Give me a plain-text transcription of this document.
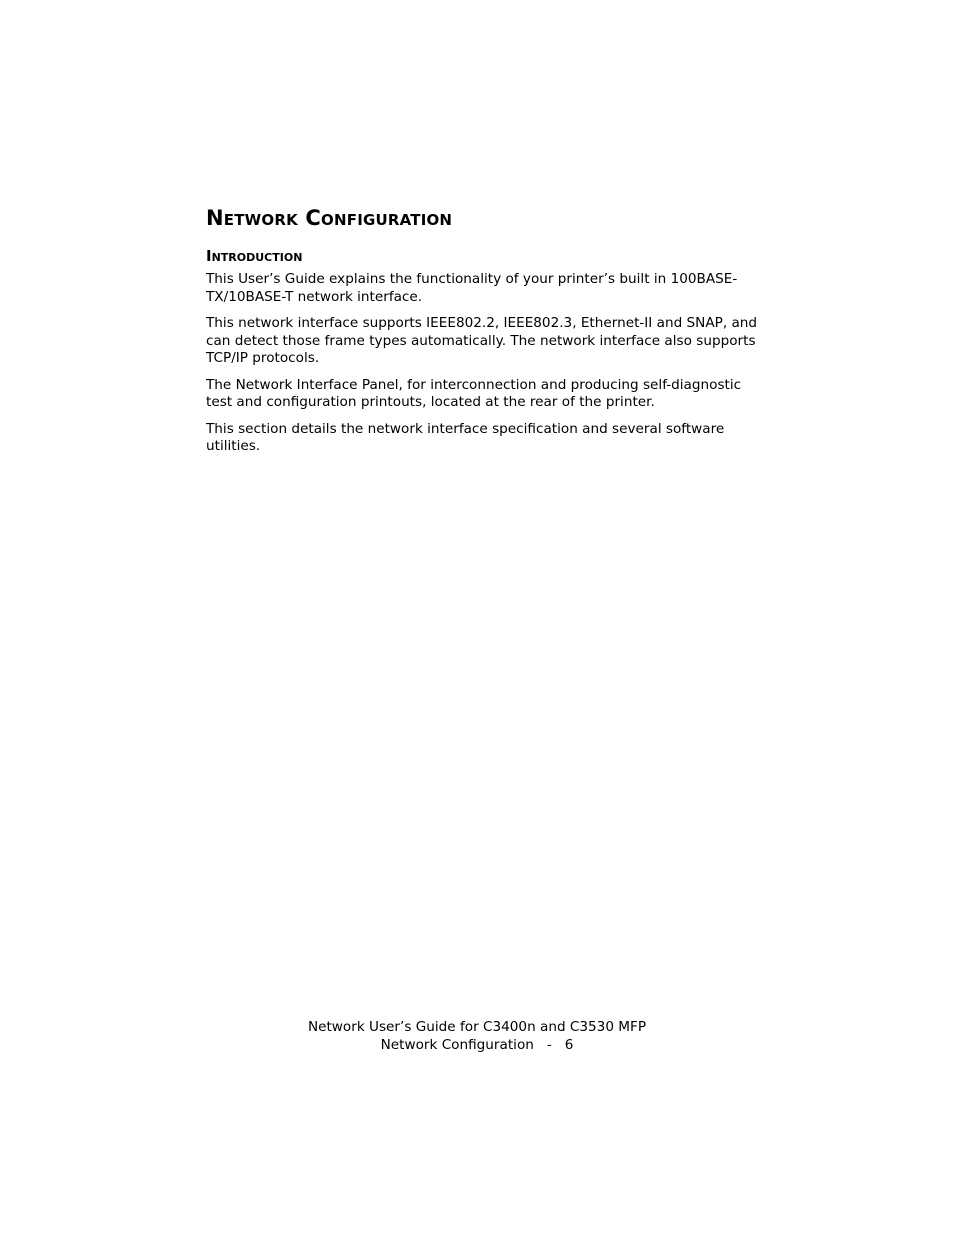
Network Configuration
Introduction

This User’s Guide explains the functionality of your printer’s built in 100BASE-TX/10BASE-T network interface.

This network interface supports IEEE802.2, IEEE802.3, Ethernet-II and SNAP, and can detect those frame types automatically. The network interface also supports TCP/IP protocols.

The Network Interface Panel, for interconnection and producing self-diagnostic test and configuration printouts, located at the rear of the printer.

This section details the network interface specification and several software utilities.

Network User’s Guide for C3400n and C3530 MFP
Network Configuration - 6
